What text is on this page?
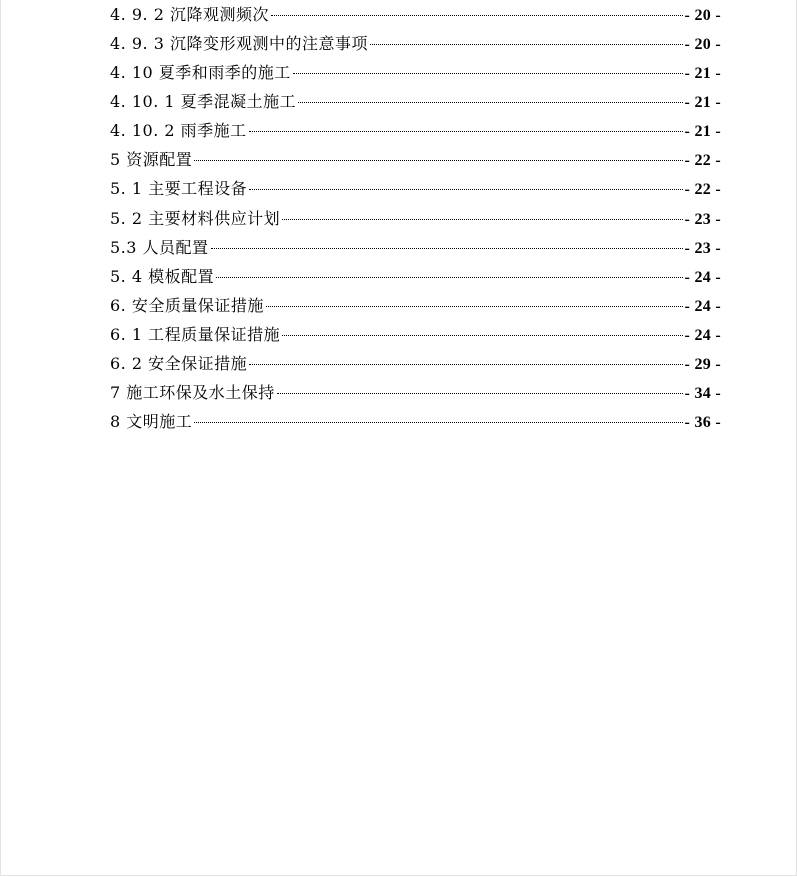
4. 9. 2 沉降观测频次	- 20 -
4. 9. 3 沉降变形观测中的注意事项	- 20 -
4. 10 夏季和雨季的施工	- 21 -
4. 10. 1 夏季混凝土施工	- 21 -
4. 10. 2 雨季施工	- 21 -
5 资源配置	- 22 -
5. 1 主要工程设备	- 22 -
5. 2 主要材料供应计划	- 23 -
5.3 人员配置	- 23 -
5. 4 模板配置	- 24 -
6. 安全质量保证措施	- 24 -
6. 1 工程质量保证措施	- 24 -
6. 2 安全保证措施	- 29 -
7 施工环保及水土保持	- 34 -
8 文明施工	- 36 -
